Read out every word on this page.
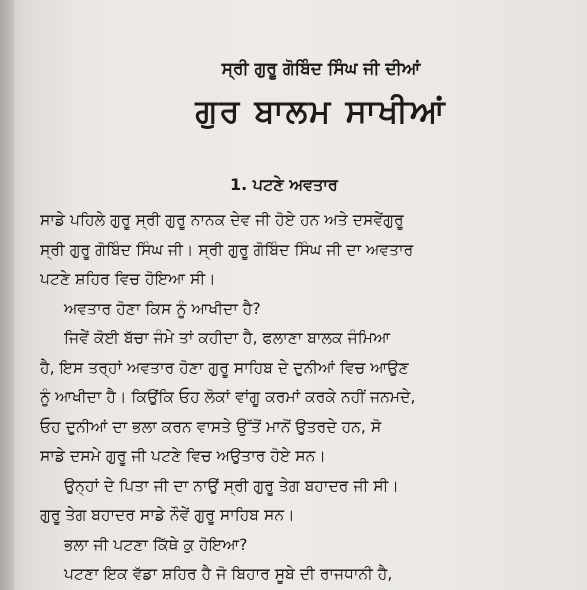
ਸ੍ਰੀ ਗੁਰੂ ਗੋਬਿੰਦ ਸਿੰਘ ਜੀ ਦੀਆਂ
ਗੁਰ ਬਾਲਮ ਸਾਖੀਆਂ
1. ਪਟਣੇ ਅਵਤਾਰ
ਸਾਡੇ ਪਹਿਲੇ ਗੁਰੂ ਸ੍ਰੀ ਗੁਰੂ ਨਾਨਕ ਦੇਵ ਜੀ ਹੋਏ ਹਨ ਅਤੇ ਦਸਵੇਂਗੁਰੂ
ਸ੍ਰੀ ਗੁਰੂ ਗੋਬਿੰਦ ਸਿੰਘ ਜੀ। ਸ੍ਰੀ ਗੁਰੂ ਗੋਬਿੰਦ ਸਿੰਘ ਜੀ ਦਾ ਅਵਤਾਰ
ਪਟਣੇ ਸ਼ਹਿਰ ਵਿਚ ਹੋਇਆ ਸੀ।
ਅਵਤਾਰ ਹੋਣਾ ਕਿਸ ਨੂੰ ਆਖੀਦਾ ਹੈ?
ਜਿਵੇਂ ਕੋਈ ਬੱਚਾ ਜੰਮੇ ਤਾਂ ਕਹੀਦਾ ਹੈ, ਫਲਾਣਾ ਬਾਲਕ ਜੰਮਿਆ
ਹੈ, ਇਸ ਤਰ੍ਹਾਂ ਅਵਤਾਰ ਹੋਣਾ ਗੁਰੂ ਸਾਹਿਬ ਦੇ ਦੁਨੀਆਂ ਵਿਚ ਆਉਣ
ਨੂੰ ਆਖੀਦਾ ਹੈ। ਕਿਉਂਕਿ ਓਹ ਲੋਕਾਂ ਵਾਂਗੂ ਕਰਮਾਂ ਕਰਕੇ ਨਹੀਂ ਜਨਮਦੇ,
ਓਹ ਦੁਨੀਆਂ ਦਾ ਭਲਾ ਕਰਨ ਵਾਸਤੇ ਉੱਤੋਂ ਮਾਨੋਂ ਉਤਰਦੇ ਹਨ, ਸੋ
ਸਾਡੇ ਦਸਮੇ ਗੁਰੂ ਜੀ ਪਟਣੇ ਵਿਚ ਅਉਤਾਰ ਹੋਏ ਸਨ।
ਉਨ੍ਹਾਂ ਦੇ ਪਿਤਾ ਜੀ ਦਾ ਨਾਉਂ ਸ੍ਰੀ ਗੁਰੂ ਤੇਗ ਬਹਾਦਰ ਜੀ ਸੀ।
ਗੁਰੂ ਤੇਗ ਬਹਾਦਰ ਸਾਡੇ ਨੌਵੇਂ ਗੁਰੂ ਸਾਹਿਬ ਸਨ।
ਭਲਾ ਜੀ ਪਟਣਾ ਕਿੱਥੇ ਕੁ ਹੋਇਆ?
ਪਟਣਾ ਇਕ ਵੱਡਾ ਸ਼ਹਿਰ ਹੈ ਜੋ ਬਿਹਾਰ ਸੂਬੇ ਦੀ ਰਾਜਧਾਨੀ ਹੈ,
